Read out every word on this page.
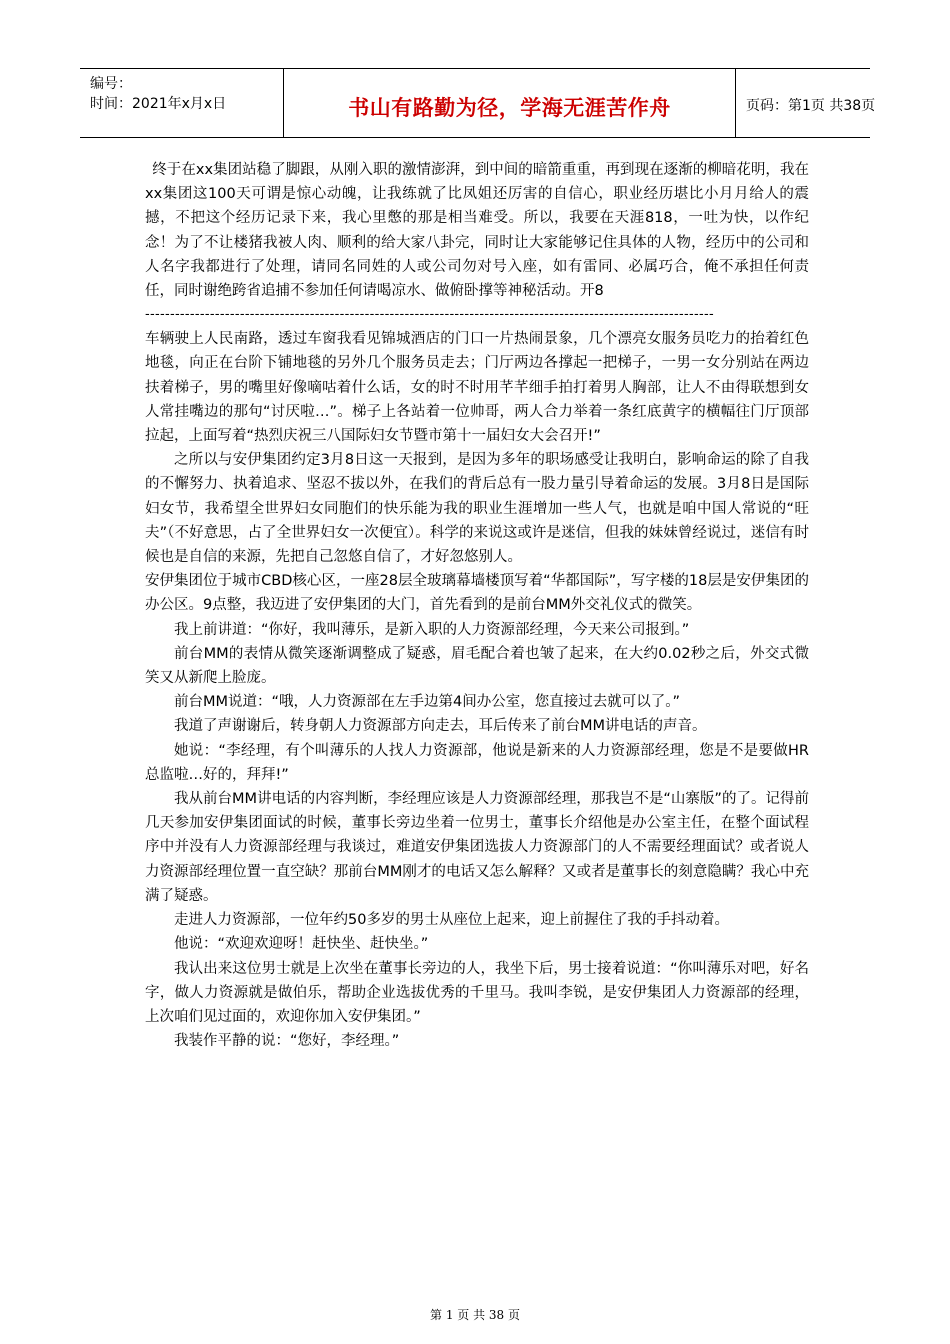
编号：
时间：2021年x月x日	书山有路勤为径，学海无涯苦作舟	页码：第1页 共38页

终于在xx集团站稳了脚跟，从刚入职的激情澎湃，到中间的暗箭重重，再到现在逐渐的柳暗花明，我在xx集团这100天可谓是惊心动魄，让我练就了比凤姐还厉害的自信心，职业经历堪比小月月给人的震撼，不把这个经历记录下来，我心里憋的那是相当难受。所以，我要在天涯818，一吐为快，以作纪念！为了不让楼猪我被人肉、顺利的给大家八卦完，同时让大家能够记住具体的人物，经历中的公司和人名字我都进行了处理，请同名同姓的人或公司勿对号入座，如有雷同、必属巧合，俺不承担任何责任，同时谢绝跨省追捕不参加任何请喝凉水、做俯卧撑等神秘活动。开8

------------------------------------------------------------------------------------------------------------------

车辆驶上人民南路，透过车窗我看见锦城酒店的门口一片热闹景象，几个漂亮女服务员吃力的抬着红色地毯，向正在台阶下铺地毯的另外几个服务员走去；门厅两边各撑起一把梯子，一男一女分别站在两边扶着梯子，男的嘴里好像嘀咕着什么话，女的时不时用芊芊细手拍打着男人胸部，让人不由得联想到女人常挂嘴边的那句“讨厌啦…”。梯子上各站着一位帅哥，两人合力举着一条红底黄字的横幅往门厅顶部拉起，上面写着“热烈庆祝三八国际妇女节暨市第十一届妇女大会召开!”

之所以与安伊集团约定3月8日这一天报到，是因为多年的职场感受让我明白，影响命运的除了自我的不懈努力、执着追求、坚忍不拔以外，在我们的背后总有一股力量引导着命运的发展。3月8日是国际妇女节，我希望全世界妇女同胞们的快乐能为我的职业生涯增加一些人气，也就是咱中国人常说的“旺夫”（不好意思，占了全世界妇女一次便宜）。科学的来说这或许是迷信，但我的妹妹曾经说过，迷信有时候也是自信的来源，先把自己忽悠自信了，才好忽悠别人。

安伊集团位于城市CBD核心区，一座28层全玻璃幕墙楼顶写着“华都国际”，写字楼的18层是安伊集团的办公区。9点整，我迈进了安伊集团的大门，首先看到的是前台MM外交礼仪式的微笑。

我上前讲道：“你好，我叫薄乐，是新入职的人力资源部经理，今天来公司报到。”

前台MM的表情从微笑逐渐调整成了疑惑，眉毛配合着也皱了起来，在大约0.02秒之后，外交式微笑又从新爬上脸庞。

前台MM说道：“哦，人力资源部在左手边第4间办公室，您直接过去就可以了。”

我道了声谢谢后，转身朝人力资源部方向走去，耳后传来了前台MM讲电话的声音。

她说：“李经理，有个叫薄乐的人找人力资源部，他说是新来的人力资源部经理，您是不是要做HR总监啦…好的，拜拜!”

我从前台MM讲电话的内容判断，李经理应该是人力资源部经理，那我岂不是“山寨版”的了。记得前几天参加安伊集团面试的时候，董事长旁边坐着一位男士，董事长介绍他是办公室主任，在整个面试程序中并没有人力资源部经理与我谈过，难道安伊集团选拔人力资源部门的人不需要经理面试？或者说人力资源部经理位置一直空缺？那前台MM刚才的电话又怎么解释？又或者是董事长的刻意隐瞒？我心中充满了疑惑。

走进人力资源部，一位年约50多岁的男士从座位上起来，迎上前握住了我的手抖动着。

他说：“欢迎欢迎呀！赶快坐、赶快坐。”

我认出来这位男士就是上次坐在董事长旁边的人，我坐下后，男士接着说道：“你叫薄乐对吧，好名字，做人力资源就是做伯乐，帮助企业选拔优秀的千里马。我叫李锐，是安伊集团人力资源部的经理，上次咱们见过面的，欢迎你加入安伊集团。”

我装作平静的说：“您好，李经理。”

第 1 页 共 38 页
